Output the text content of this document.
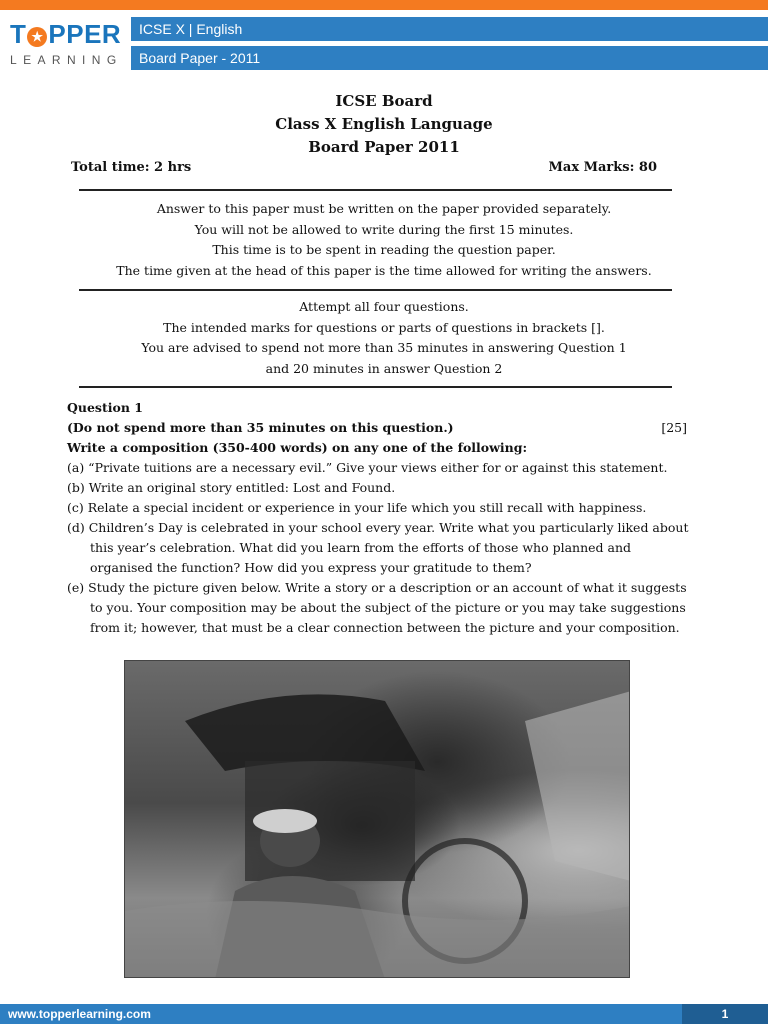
T ★ PPER
LEARNING
ICSE X | English
Board Paper - 2011
ICSE Board
Class X English Language
Board Paper 2011
Total time: 2 hrs	Max Marks: 80
Answer to this paper must be written on the paper provided separately.
You will not be allowed to write during the first 15 minutes.
This time is to be spent in reading the question paper.
The time given at the head of this paper is the time allowed for writing the answers.
Attempt all four questions.
The intended marks for questions or parts of questions in brackets [].
You are advised to spend not more than 35 minutes in answering Question 1
and 20 minutes in answer Question 2
Question 1
(Do not spend more than 35 minutes on this question.)	[25]
Write a composition (350-400 words) on any one of the following:
(a) “Private tuitions are a necessary evil.” Give your views either for or against this statement.
(b) Write an original story entitled: Lost and Found.
(c) Relate a special incident or experience in your life which you still recall with happiness.
(d) Children’s Day is celebrated in your school every year. Write what you particularly liked about this year’s celebration. What did you learn from the efforts of those who planned and organised the function? How did you express your gratitude to them?
(e) Study the picture given below. Write a story or a description or an account of what it suggests to you. Your composition may be about the subject of the picture or you may take suggestions from it; however, that must be a clear connection between the picture and your composition.
www.topperlearning.com	1
